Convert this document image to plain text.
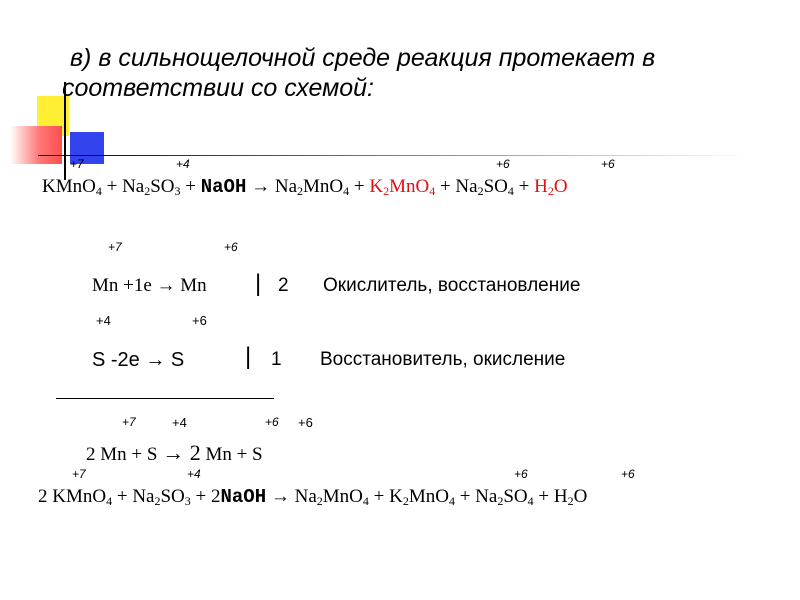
в) в сильнощелочной среде реакция протекает в
соответствии со схемой:
+7	+4	+6	+6
KMnO$_4$ + $Na_2SO_3$ + NaOH → $Na_2MnO_4 + K_2MnO_4 + Na_2SO_4 + H_2O$
+7	+6
Mn +1e → Mn | 2 Окислитель, восстановление
+4	+6
S -2e → S	| 1 Восстановитель, окисление
+7	+4	+6 +6
2 Mn + S → 2 Mn + S
+7	+4	+6	+6
2 KMnO$_4$ + $Na_2SO_3$ + 2NaOH → $Na_2MnO_4 + K_2MnO_4 + Na_2SO_4 + H_2O$
